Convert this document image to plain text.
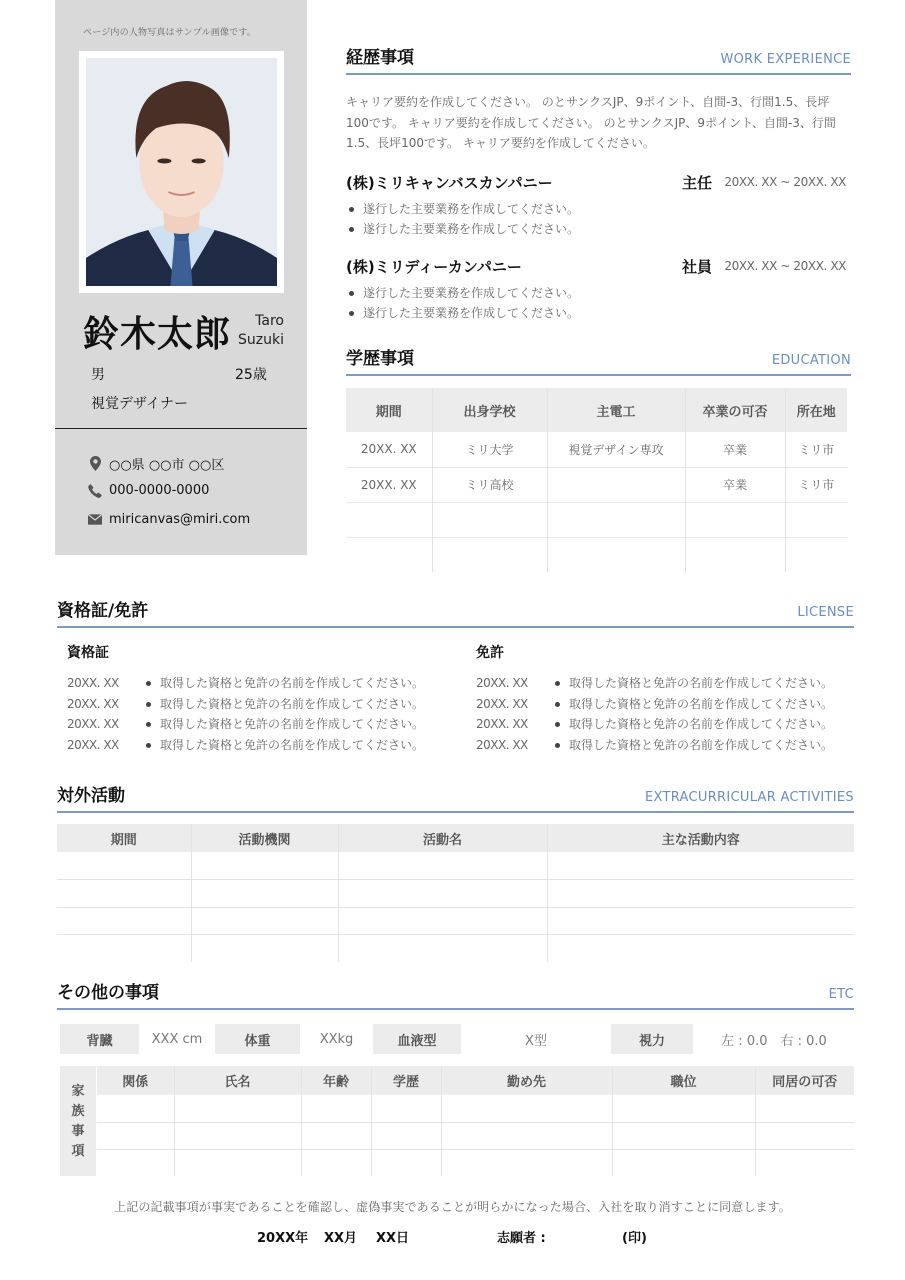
ページ内の人物写真はサンプル画像です。
鈴木太郎	Taro
Suzuki
男	25歳
視覚デザイナー
○○県 ○○市 ○○区
000-0000-0000
miricanvas@miri.com
経歴事項	WORK EXPERIENCE
キャリア要約を作成してください。 のとサンクスJP、9ポイント、自間-3、行間1.5、長坪100です。 キャリア要約を作成してください。 のとサンクスJP、9ポイント、自間-3、行間1.5、長坪100です。 キャリア要約を作成してください。
(株)ミリキャンバスカンパニー	主任 20XX. XX ~ 20XX. XX
遂行した主要業務を作成してください。
遂行した主要業務を作成してください。
(株)ミリディーカンパニー	社員 20XX. XX ~ 20XX. XX
遂行した主要業務を作成してください。
遂行した主要業務を作成してください。
学歴事項	EDUCATION
期間	出身学校	主電工	卒業の可否	所在地
20XX. XX	ミリ大学	視覚デザイン専攻	卒業	ミリ市
20XX. XX	ミリ高校		卒業	ミリ市

資格証/免許	LICENSE
資格証
20XX. XX	取得した資格と免許の名前を作成してください。
20XX. XX	取得した資格と免許の名前を作成してください。
20XX. XX	取得した資格と免許の名前を作成してください。
20XX. XX	取得した資格と免許の名前を作成してください。
免許
20XX. XX	取得した資格と免許の名前を作成してください。
20XX. XX	取得した資格と免許の名前を作成してください。
20XX. XX	取得した資格と免許の名前を作成してください。
20XX. XX	取得した資格と免許の名前を作成してください。
対外活動	EXTRACURRICULAR ACTIVITIES
期間	活動機関	活動名	主な活動内容

その他の事項	ETC
背臓	XXX cm	体重	XXkg	血液型	X型	視力	左 : 0.0　右 : 0.0
家
族
事
項
関係	氏名	年齢	学歴	勤め先	職位	同居の可否

上記の記載事項が事実であることを確認し、虚偽事実であることが明らかになった場合、入社を取り消すことに同意します。
20XX年 XX月 XX日	志願者 :	(印)
